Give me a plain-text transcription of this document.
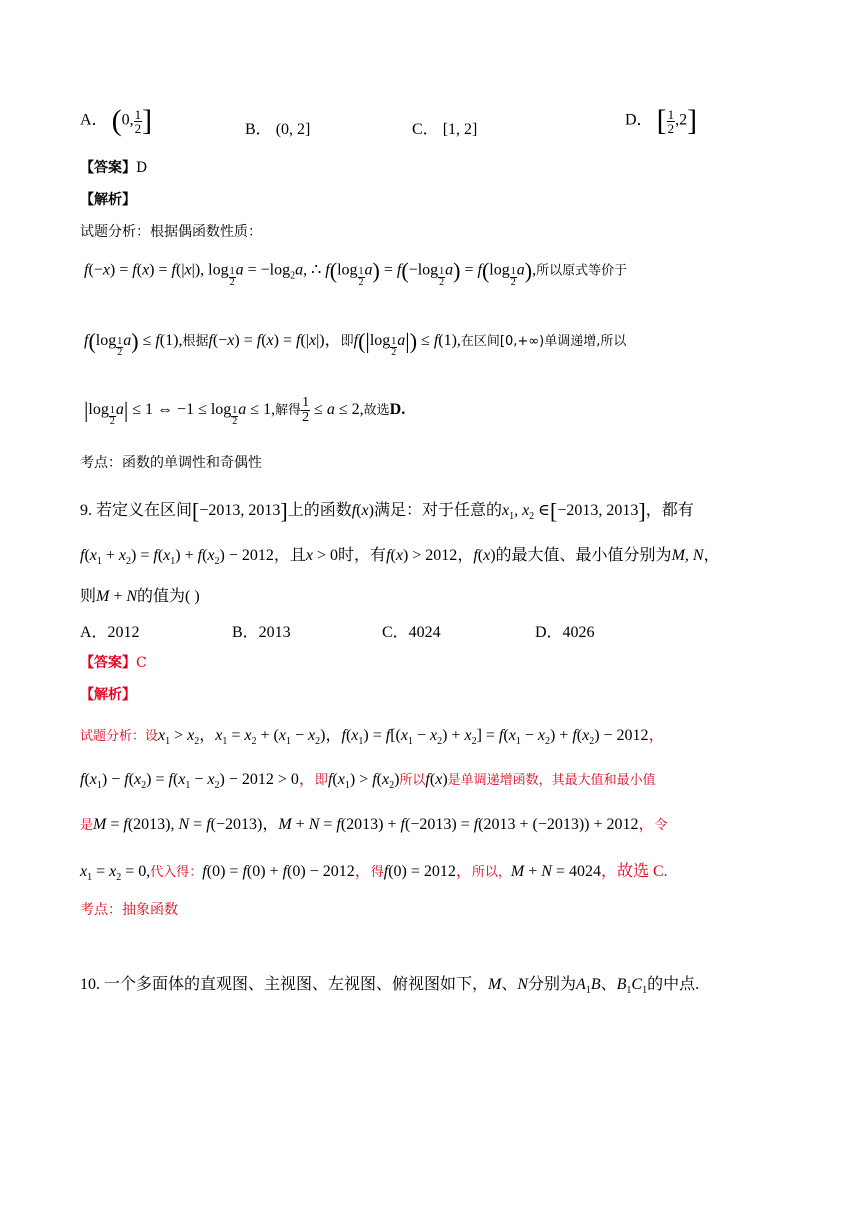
A． (0, $\frac{1}{2}$ ]	B． (0, 2]	C． [1, 2]
D． [ $\frac{1}{2} ,2$]
【答案】D
【解析】
试题分析：根据偶函数性质：
f(−x) = f(x) = f(|x|), $\log \frac{1}{2}$ $a = -\log_2a$, ∴ $f(\log \frac{1}{2} a) = f(-\log \frac{1}{2} a) = f(\log \frac{1}{2} a)$,所以原式等价于
$f(\log \frac{1}{2} a) \le f(1)$,根据f(−x) = f(x) = f(|x|)，即$f(|\log \frac{1}{2} a|) \le f(1)$,在区间[0,+∞)单调递增,所以
$|\log \frac{1}{2} a| \le 1$ ⇔ $-1 \le \log \frac{1}{2}$ a ≤ 1,解得 $\frac{1}{2} \le a \le 2$,故选D.
考点：函数的单调性和奇偶性
9. 若定义在区间[−2013, 2013]上的函数f(x)满足：对于任意的$x_1$, $x_2$ ∈[−2013, 2013]，都有
$f(x_1 + x_2) = f(x_1) + f(x_2) - 2012$，且x > 0时，有f(x) > 2012，f(x)的最大值、最小值分别为M, N，
则M + N的值为( )
A．2012	B．2013	C．4024	D．4026
【答案】C
【解析】
试题分析：设$x_1 > x_2$，$x_1 = x_2 + (x_1 - x_2)$，$f(x_1) = f[(x_1 - x_2) + x_2] = f(x_1 - x_2) + f(x_2) - 2012$，
$f(x_1) - f(x_2) = f(x_1 - x_2) - 2012 > 0$，即$f(x_1) > f(x_2)$所以f(x)是单调递增函数，其最大值和最小值
是M = f(2013), N = f(−2013)，M + N = f(2013) + f(−2013) = f(2013 + (−2013)) + 2012，令
$x_1 = x_2 = 0$,代入得：f(0) = f(0) + f(0) − 2012，得f(0) = 2012，所以，M + N = 4024，故选 C.
考点：抽象函数
10. 一个多面体的直观图、主视图、左视图、俯视图如下，M、N分别为$A_1B$、$B_1C_1$的中点.
